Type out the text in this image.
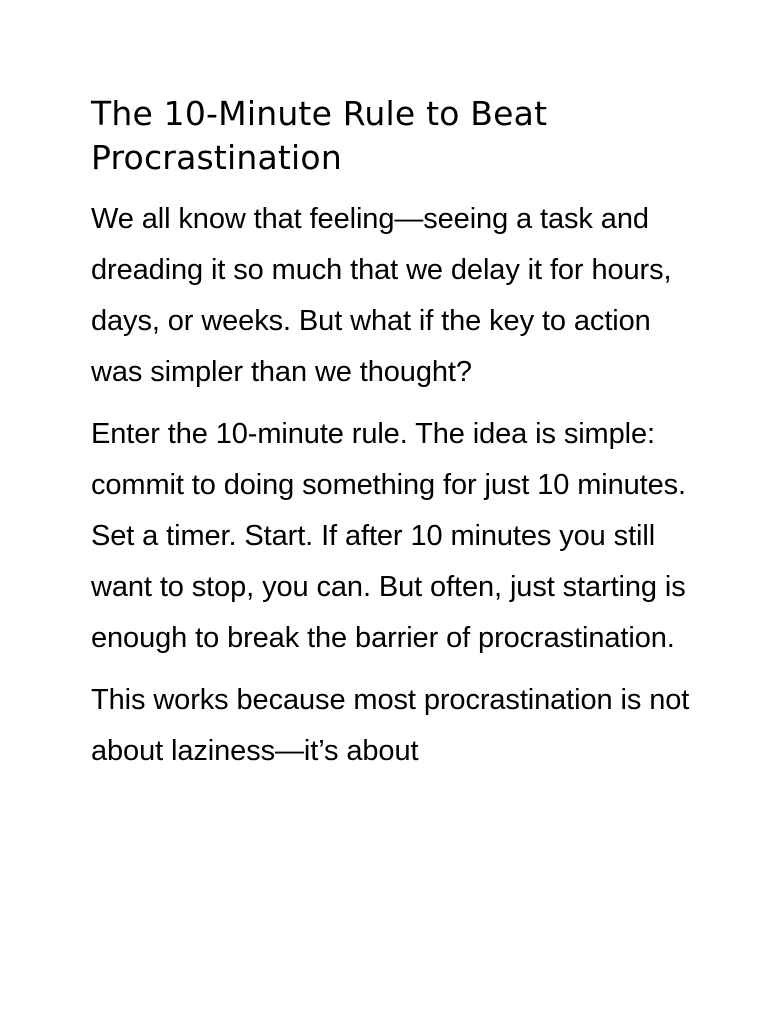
The 10-Minute Rule to Beat Procrastination

We all know that feeling—seeing a task and dreading it so much that we delay it for hours, days, or weeks. But what if the key to action was simpler than we thought?

Enter the 10-minute rule. The idea is simple: commit to doing something for just 10 minutes. Set a timer. Start. If after 10 minutes you still want to stop, you can. But often, just starting is enough to break the barrier of procrastination.

This works because most procrastination is not about laziness—it’s about
